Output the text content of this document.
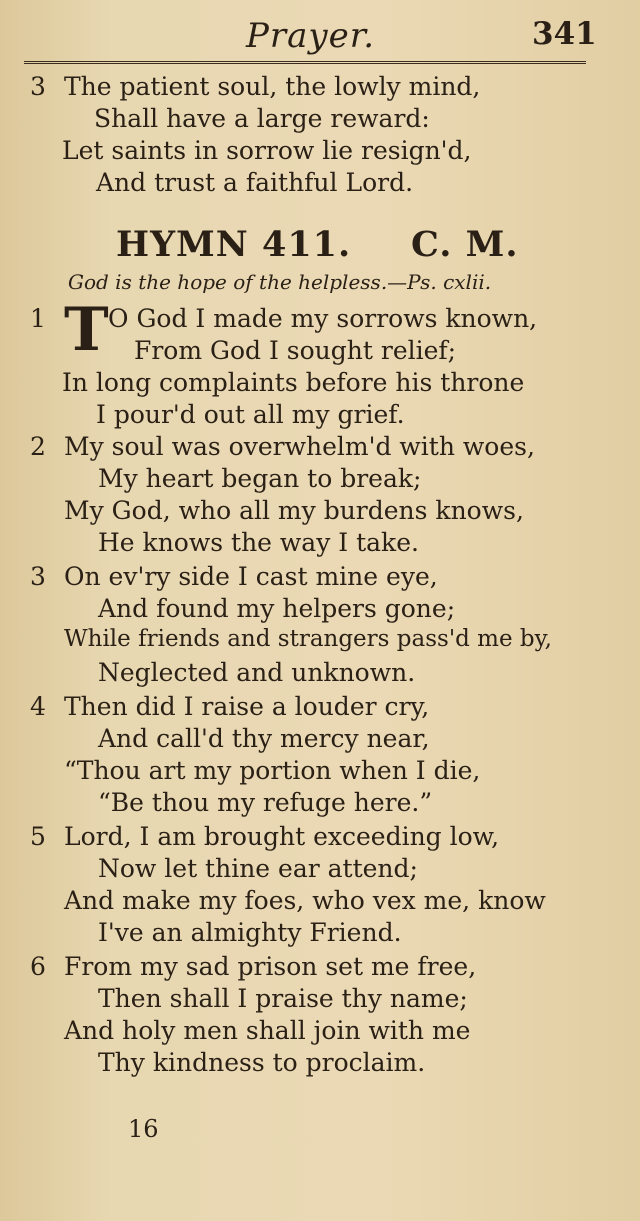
Prayer.	341
3 The patient soul, the lowly mind,
Shall have a large reward:
Let saints in sorrow lie resign'd,
And trust a faithful Lord.
HYMN 411. C. M.
God is the hope of the helpless.—Ps. cxlii.
T
1 O God I made my sorrows known,
From God I sought relief;
In long complaints before his throne
I pour'd out all my grief.
2 My soul was overwhelm'd with woes,
My heart began to break;
My God, who all my burdens knows,
He knows the way I take.
3 On ev'ry side I cast mine eye,
And found my helpers gone;
While friends and strangers pass'd me by,
Neglected and unknown.
4 Then did I raise a louder cry,
And call'd thy mercy near,
“Thou art my portion when I die,
“Be thou my refuge here.”
5 Lord, I am brought exceeding low,
Now let thine ear attend;
And make my foes, who vex me, know
I've an almighty Friend.
6 From my sad prison set me free,
Then shall I praise thy name;
And holy men shall join with me
Thy kindness to proclaim.
16
